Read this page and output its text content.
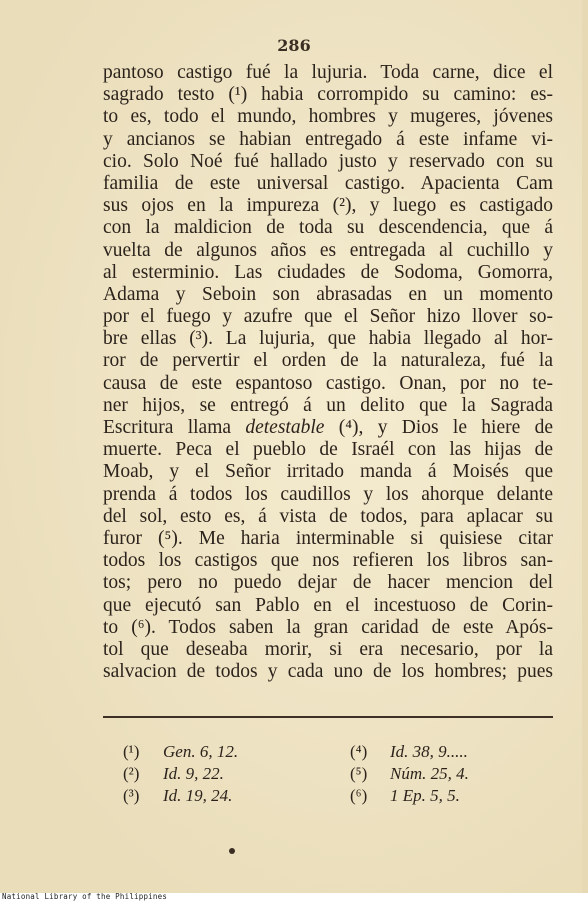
286
pantoso castigo fué la lujuria. Toda carne, dice el
sagrado testo (¹) habia corrompido su camino: es-
to es, todo el mundo, hombres y mugeres, jóvenes
y ancianos se habian entregado á este infame vi-
cio. Solo Noé fué hallado justo y reservado con su
familia de este universal castigo. Apacienta Cam
sus ojos en la impureza (²), y luego es castigado
con la maldicion de toda su descendencia, que á
vuelta de algunos años es entregada al cuchillo y
al esterminio. Las ciudades de Sodoma, Gomorra,
Adama y Seboin son abrasadas en un momento
por el fuego y azufre que el Señor hizo llover so-
bre ellas (³). La lujuria, que habia llegado al hor-
ror de pervertir el orden de la naturaleza, fué la
causa de este espantoso castigo. Onan, por no te-
ner hijos, se entregó á un delito que la Sagrada
Escritura llama detestable (⁴), y Dios le hiere de
muerte. Peca el pueblo de Israél con las hijas de
Moab, y el Señor irritado manda á Moisés que
prenda á todos los caudillos y los ahorque delante
del sol, esto es, á vista de todos, para aplacar su
furor (⁵). Me haria interminable si quisiese citar
todos los castigos que nos refieren los libros san-
tos; pero no puedo dejar de hacer mencion del
que ejecutó san Pablo en el incestuoso de Corin-
to (⁶). Todos saben la gran caridad de este Após-
tol que deseaba morir, si era necesario, por la
salvacion de todos y cada uno de los hombres; pues
(¹) Gen. 6, 12.
(²) Id. 9, 22.
(³) Id. 19, 24.
(⁴) Id. 38, 9.....
(⁵) Núm. 25, 4.
(⁶) 1 Ep. 5, 5.
National Library of the Philippines
